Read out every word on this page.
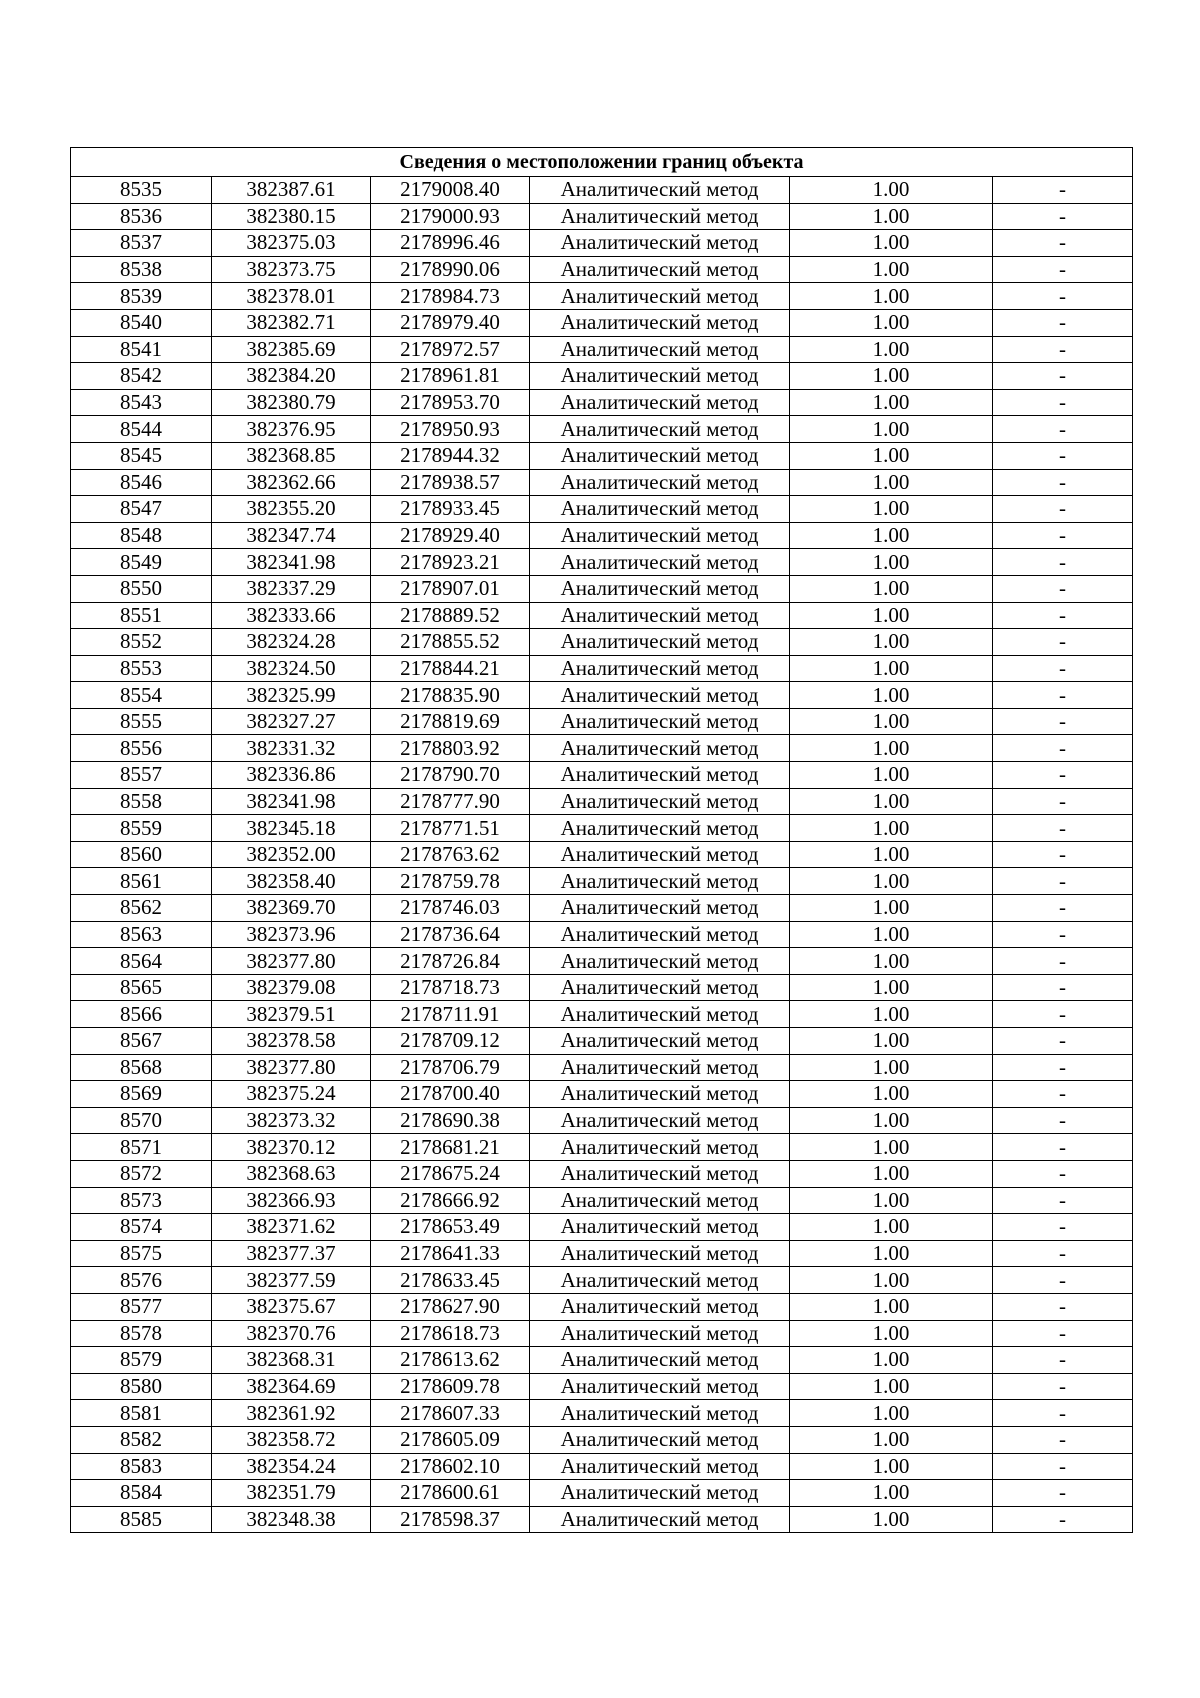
Сведения о местоположении границ объекта					
8535	382387.61	2179008.40	Аналитический метод	1.00	-
8536	382380.15	2179000.93	Аналитический метод	1.00	-
8537	382375.03	2178996.46	Аналитический метод	1.00	-
8538	382373.75	2178990.06	Аналитический метод	1.00	-
8539	382378.01	2178984.73	Аналитический метод	1.00	-
8540	382382.71	2178979.40	Аналитический метод	1.00	-
8541	382385.69	2178972.57	Аналитический метод	1.00	-
8542	382384.20	2178961.81	Аналитический метод	1.00	-
8543	382380.79	2178953.70	Аналитический метод	1.00	-
8544	382376.95	2178950.93	Аналитический метод	1.00	-
8545	382368.85	2178944.32	Аналитический метод	1.00	-
8546	382362.66	2178938.57	Аналитический метод	1.00	-
8547	382355.20	2178933.45	Аналитический метод	1.00	-
8548	382347.74	2178929.40	Аналитический метод	1.00	-
8549	382341.98	2178923.21	Аналитический метод	1.00	-
8550	382337.29	2178907.01	Аналитический метод	1.00	-
8551	382333.66	2178889.52	Аналитический метод	1.00	-
8552	382324.28	2178855.52	Аналитический метод	1.00	-
8553	382324.50	2178844.21	Аналитический метод	1.00	-
8554	382325.99	2178835.90	Аналитический метод	1.00	-
8555	382327.27	2178819.69	Аналитический метод	1.00	-
8556	382331.32	2178803.92	Аналитический метод	1.00	-
8557	382336.86	2178790.70	Аналитический метод	1.00	-
8558	382341.98	2178777.90	Аналитический метод	1.00	-
8559	382345.18	2178771.51	Аналитический метод	1.00	-
8560	382352.00	2178763.62	Аналитический метод	1.00	-
8561	382358.40	2178759.78	Аналитический метод	1.00	-
8562	382369.70	2178746.03	Аналитический метод	1.00	-
8563	382373.96	2178736.64	Аналитический метод	1.00	-
8564	382377.80	2178726.84	Аналитический метод	1.00	-
8565	382379.08	2178718.73	Аналитический метод	1.00	-
8566	382379.51	2178711.91	Аналитический метод	1.00	-
8567	382378.58	2178709.12	Аналитический метод	1.00	-
8568	382377.80	2178706.79	Аналитический метод	1.00	-
8569	382375.24	2178700.40	Аналитический метод	1.00	-
8570	382373.32	2178690.38	Аналитический метод	1.00	-
8571	382370.12	2178681.21	Аналитический метод	1.00	-
8572	382368.63	2178675.24	Аналитический метод	1.00	-
8573	382366.93	2178666.92	Аналитический метод	1.00	-
8574	382371.62	2178653.49	Аналитический метод	1.00	-
8575	382377.37	2178641.33	Аналитический метод	1.00	-
8576	382377.59	2178633.45	Аналитический метод	1.00	-
8577	382375.67	2178627.90	Аналитический метод	1.00	-
8578	382370.76	2178618.73	Аналитический метод	1.00	-
8579	382368.31	2178613.62	Аналитический метод	1.00	-
8580	382364.69	2178609.78	Аналитический метод	1.00	-
8581	382361.92	2178607.33	Аналитический метод	1.00	-
8582	382358.72	2178605.09	Аналитический метод	1.00	-
8583	382354.24	2178602.10	Аналитический метод	1.00	-
8584	382351.79	2178600.61	Аналитический метод	1.00	-
8585	382348.38	2178598.37	Аналитический метод	1.00	-
